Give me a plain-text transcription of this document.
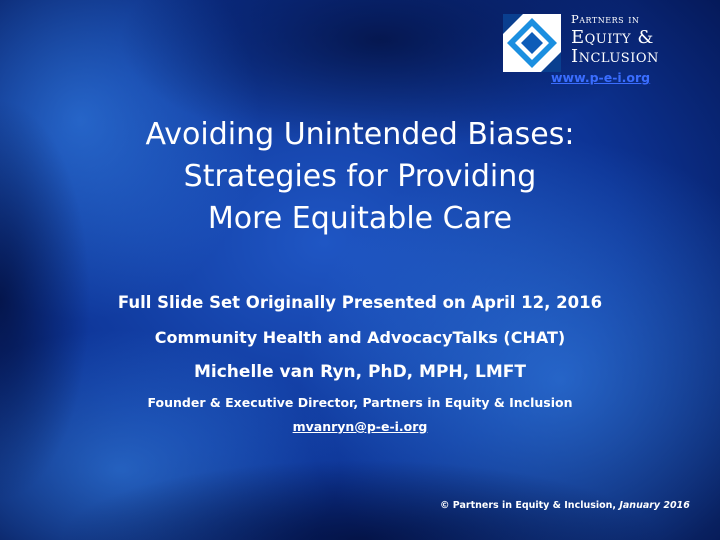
Partners in
Equity &
Inclusion
www.p-e-i.org
Avoiding Unintended Biases:
Strategies for Providing
More Equitable Care
Full Slide Set Originally Presented on April 12, 2016
Community Health and AdvocacyTalks (CHAT)
Michelle van Ryn, PhD, MPH, LMFT
Founder & Executive Director, Partners in Equity & Inclusion
mvanryn@p-e-i.org
© Partners in Equity & Inclusion, January 2016
